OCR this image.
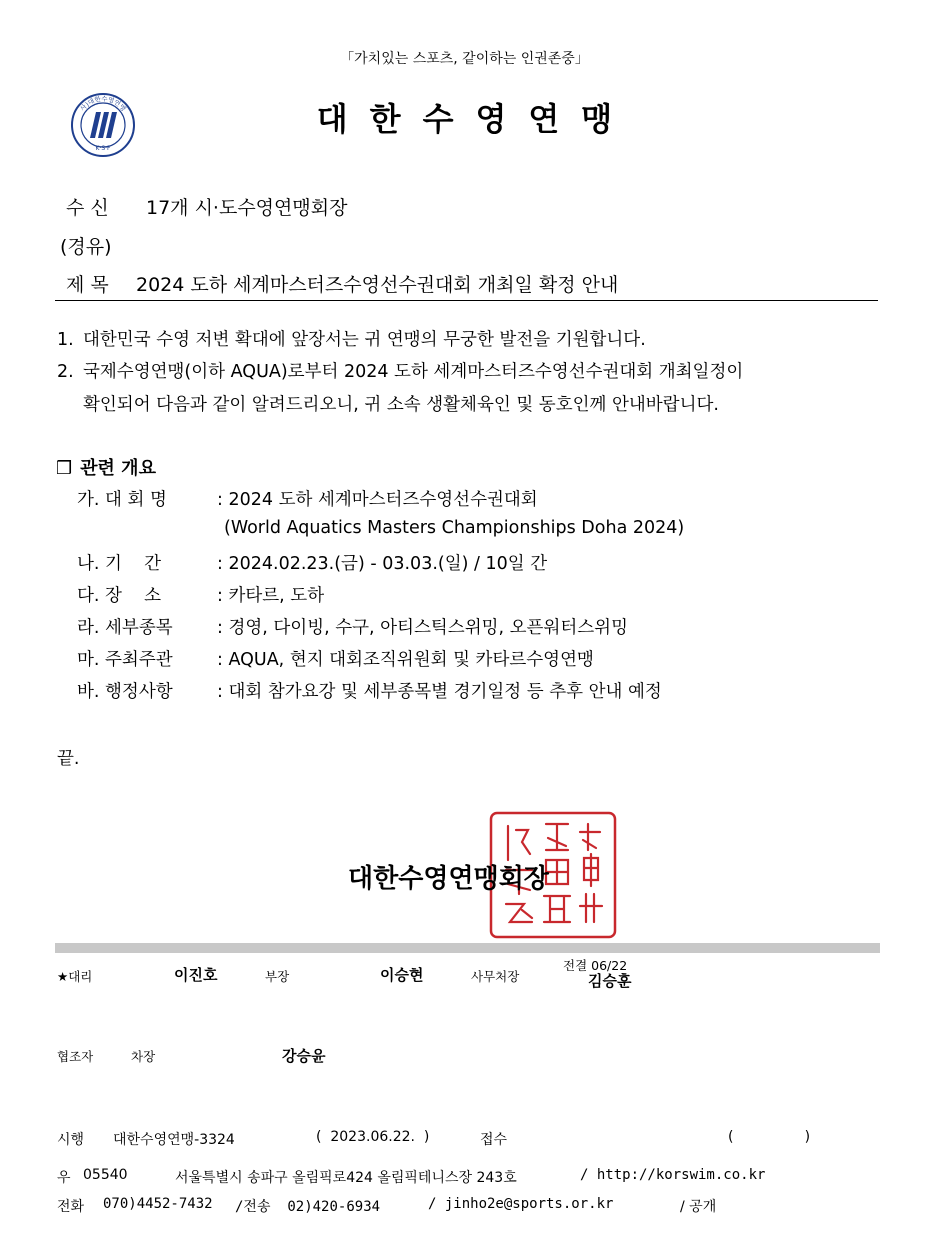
「가치있는 스포츠, 같이하는 인권존중」
사)대한수영연맹
K·S·F
대한수영연맹
수 신 17개 시·도수영연맹회장
(경유)
제 목 2024 도하 세계마스터즈수영선수권대회 개최일 확정 안내
1. 대한민국 수영 저변 확대에 앞장서는 귀 연맹의 무궁한 발전을 기원합니다.
2. 국제수영연맹(이하 AQUA)로부터 2024 도하 세계마스터즈수영선수권대회 개최일정이
확인되어 다음과 같이 알려드리오니, 귀 소속 생활체육인 및 동호인께 안내바랍니다.
❒ 관련 개요
가. 대 회 명	: 2024 도하 세계마스터즈수영선수권대회
(World Aquatics Masters Championships Doha 2024)
나. 기    간	: 2024.02.23.(금) - 03.03.(일) / 10일 간
다. 장    소	: 카타르, 도하
라. 세부종목	: 경영, 다이빙, 수구, 아티스틱스위밍, 오픈워터스위밍
마. 주최주관	: AQUA, 현지 대회조직위원회 및 카타르수영연맹
바. 행정사항	: 대회 참가요강 및 세부종목별 경기일정 등 추후 안내 예정
끝.
대한수영연맹회장
★대리	이진호	부장	이승현	사무처장
전결 06/22
김승훈
협조자	차장	강승윤
시행 대한수영연맹-3324	(  2023.06.22.  )	접수	(                )
우 05540	서울특별시 송파구 올림픽로424 올림픽테니스장 243호	/ http://korswim.co.kr
전화 070)4452-7432 /전송  02)420-6934	/ jinho2e@sports.or.kr	/ 공개
